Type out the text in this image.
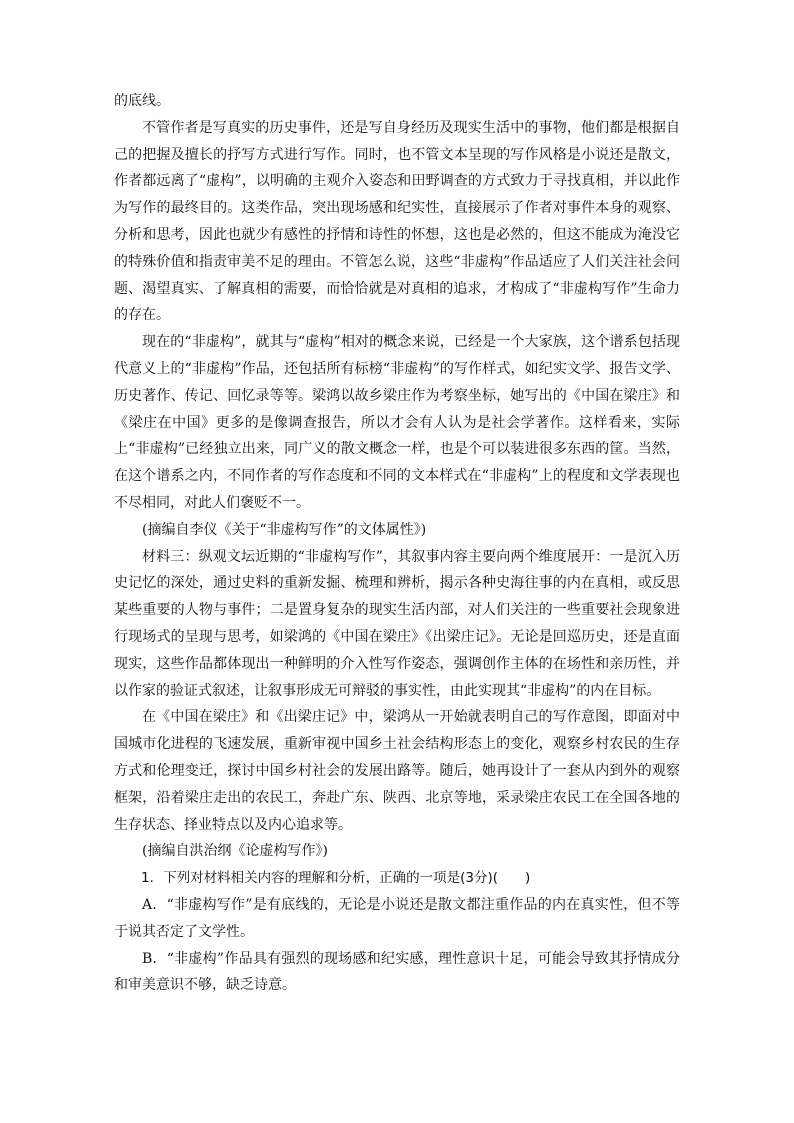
的底线。

不管作者是写真实的历史事件，还是写自身经历及现实生活中的事物，他们都是根据自己的把握及擅长的抒写方式进行写作。同时，也不管文本呈现的写作风格是小说还是散文，作者都远离了“虚构”，以明确的主观介入姿态和田野调查的方式致力于寻找真相，并以此作为写作的最终目的。这类作品，突出现场感和纪实性，直接展示了作者对事件本身的观察、分析和思考，因此也就少有感性的抒情和诗性的怀想，这也是必然的，但这不能成为淹没它的特殊价值和指责审美不足的理由。不管怎么说，这些“非虚构”作品适应了人们关注社会问题、渴望真实、了解真相的需要，而恰恰就是对真相的追求，才构成了“非虚构写作”生命力的存在。

现在的“非虚构”，就其与“虚构”相对的概念来说，已经是一个大家族，这个谱系包括现代意义上的“非虚构”作品，还包括所有标榜“非虚构”的写作样式，如纪实文学、报告文学、历史著作、传记、回忆录等等。梁鸿以故乡梁庄作为考察坐标，她写出的《中国在梁庄》和《梁庄在中国》更多的是像调查报告，所以才会有人认为是社会学著作。这样看来，实际上“非虚构”已经独立出来，同广义的散文概念一样，也是个可以装进很多东西的筐。当然，在这个谱系之内，不同作者的写作态度和不同的文本样式在“非虚构”上的程度和文学表现也不尽相同，对此人们褒贬不一。

(摘编自李仪《关于“非虚构写作”的文体属性》)

材料三：纵观文坛近期的“非虚构写作”，其叙事内容主要向两个维度展开：一是沉入历史记忆的深处，通过史料的重新发掘、梳理和辨析，揭示各种史海往事的内在真相，或反思某些重要的人物与事件；二是置身复杂的现实生活内部，对人们关注的一些重要社会现象进行现场式的呈现与思考，如梁鸿的《中国在梁庄》《出梁庄记》。无论是回巡历史，还是直面现实，这些作品都体现出一种鲜明的介入性写作姿态，强调创作主体的在场性和亲历性，并以作家的验证式叙述，让叙事形成无可辩驳的事实性，由此实现其“非虚构”的内在目标。

在《中国在梁庄》和《出梁庄记》中，梁鸿从一开始就表明自己的写作意图，即面对中国城市化进程的飞速发展，重新审视中国乡土社会结构形态上的变化，观察乡村农民的生存方式和伦理变迁，探讨中国乡村社会的发展出路等。随后，她再设计了一套从内到外的观察框架，沿着梁庄走出的农民工，奔赴广东、陕西、北京等地，采录梁庄农民工在全国各地的生存状态、择业特点以及内心追求等。

(摘编自洪治纲《论虚构写作》)

1．下列对材料相关内容的理解和分析，正确的一项是(3分)(　　)

A．“非虚构写作”是有底线的，无论是小说还是散文都注重作品的内在真实性，但不等于说其否定了文学性。

B．“非虚构”作品具有强烈的现场感和纪实感，理性意识十足，可能会导致其抒情成分和审美意识不够，缺乏诗意。
